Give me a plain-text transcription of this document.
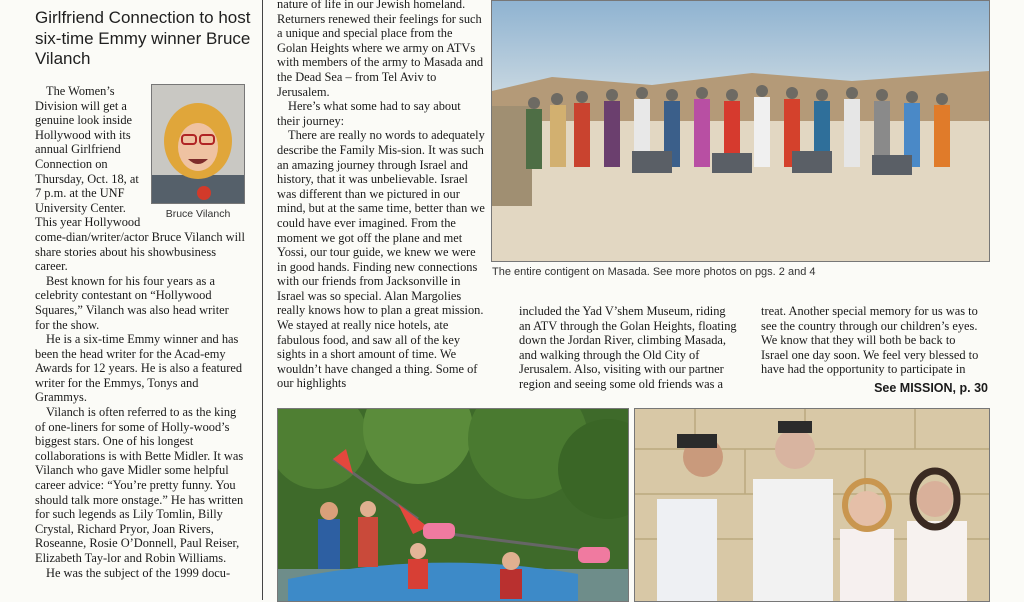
Girlfriend Connection to host six-time Emmy winner Bruce Vilanch
Bruce Vilanch

The Women’s Division will get a genuine look inside Hollywood with its annual Girlfriend Connection on Thursday, Oct. 18, at 7 p.m. at the UNF University Center. This year Hollywood come-dian/writer/actor Bruce Vilanch will share stories about his showbusiness career.

Best known for his four years as a celebrity contestant on “Hollywood Squares,” Vilanch was also head writer for the show.

He is a six-time Emmy winner and has been the head writer for the Acad-emy Awards for 12 years. He is also a featured writer for the Emmys, Tonys and Grammys.

Vilanch is often referred to as the king of one-liners for some of Holly-wood’s biggest stars. One of his longest collaborations is with Bette Midler. It was Vilanch who gave Midler some helpful career advice: “You’re pretty funny. You should talk more onstage.” He has written for such legends as Lily Tomlin, Billy Crystal, Richard Pryor, Joan Rivers, Roseanne, Rosie O’Donnell, Paul Reiser, Elizabeth Tay-lor and Robin Williams.

He was the subject of the 1999 docu-

nature of life in our Jewish homeland.

Returners renewed their feelings for such a unique and special place from the Golan Heights where we army on ATVs with members of the army to Masada and the Dead Sea – from Tel Aviv to Jerusalem.

Here’s what some had to say about their journey:

There are really no words to adequately describe the Family Mis-sion. It was such an amazing journey through Israel and history, that it was unbelievable. Israel was different than we pictured in our mind, but at the same time, better than we could have ever imagined. From the moment we got off the plane and met Yossi, our tour guide, we knew we were in good hands. Finding new connections with our friends from Jacksonville in Israel was so special. Alan Margolies really knows how to plan a great mission. We stayed at really nice hotels, ate fabulous food, and saw all of the key sights in a short amount of time. We wouldn’t have changed a thing. Some of our highlights

The entire contigent on Masada. See more photos on pgs. 2 and 4

included the Yad V’shem Museum, riding an ATV through the Golan Heights, floating down the Jordan River, climbing Masada, and walking through the Old City of Jerusalem. Also, visiting with our partner region and seeing some old friends was a

treat. Another special memory for us was to see the country through our children’s eyes. We know that they will both be back to Israel one day soon. We feel very blessed to have had the opportunity to participate in

See MISSION, p. 30
